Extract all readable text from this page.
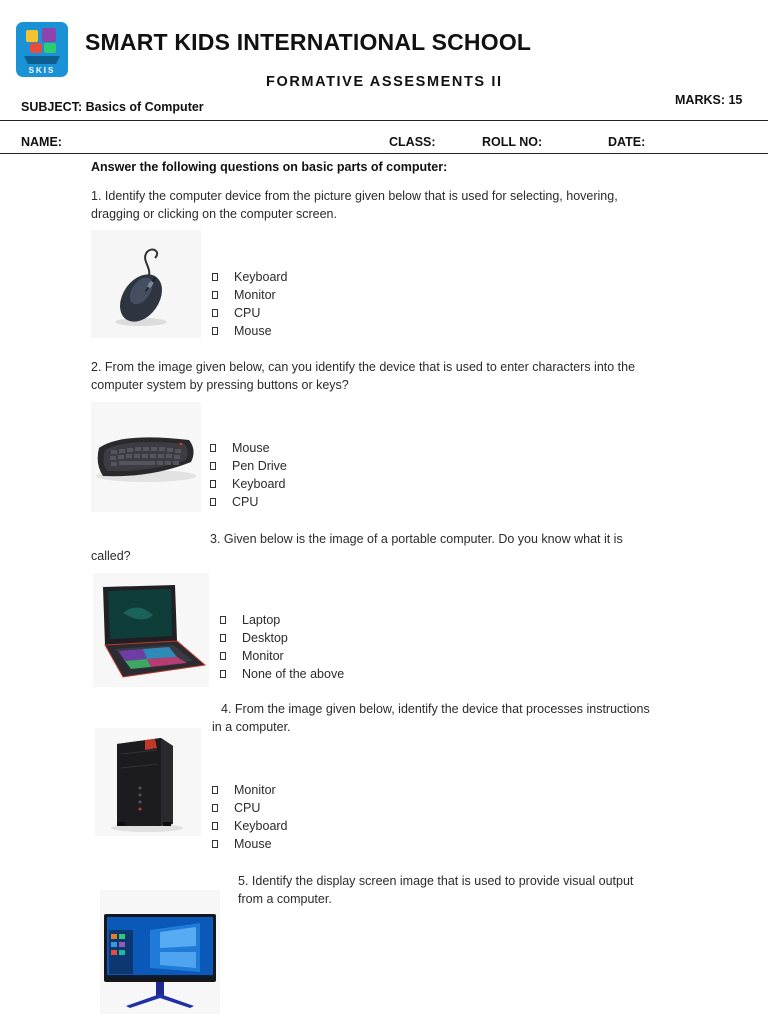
SKIS
SMART KIDS INTERNATIONAL SCHOOL
FORMATIVE ASSESMENTS II
MARKS: 15
SUBJECT: Basics of Computer
NAME:	CLASS:	ROLL NO:	DATE:
Answer the following questions on basic parts of computer:
1. Identify the computer device from the picture given below that is used for selecting, hovering,
dragging or clicking on the computer screen.
Keyboard
Monitor
CPU
Mouse
2. From the image given below, can you identify the device that is used to enter characters into the
computer system by pressing buttons or keys?
Mouse
Pen Drive
Keyboard
CPU
3. Given below is the image of a portable computer. Do you know what it is
called?
Laptop
Desktop
Monitor
None of the above
4. From the image given below, identify the device that processes instructions
in a computer.
Monitor
CPU
Keyboard
Mouse
5. Identify the display screen image that is used to provide visual output
from a computer.
